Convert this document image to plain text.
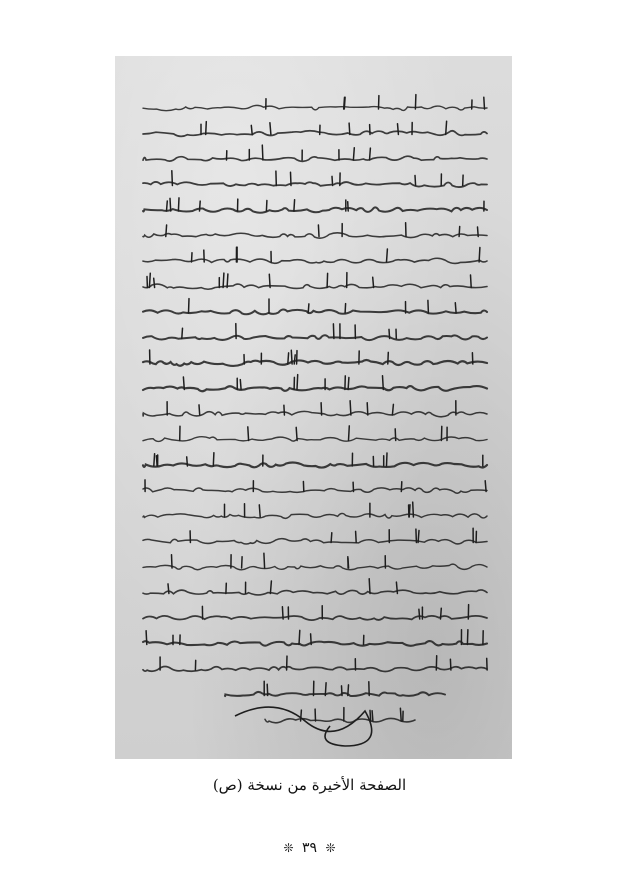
الصفحة الأخيرة من نسخة (ص)
❊ ٣٩ ❊
